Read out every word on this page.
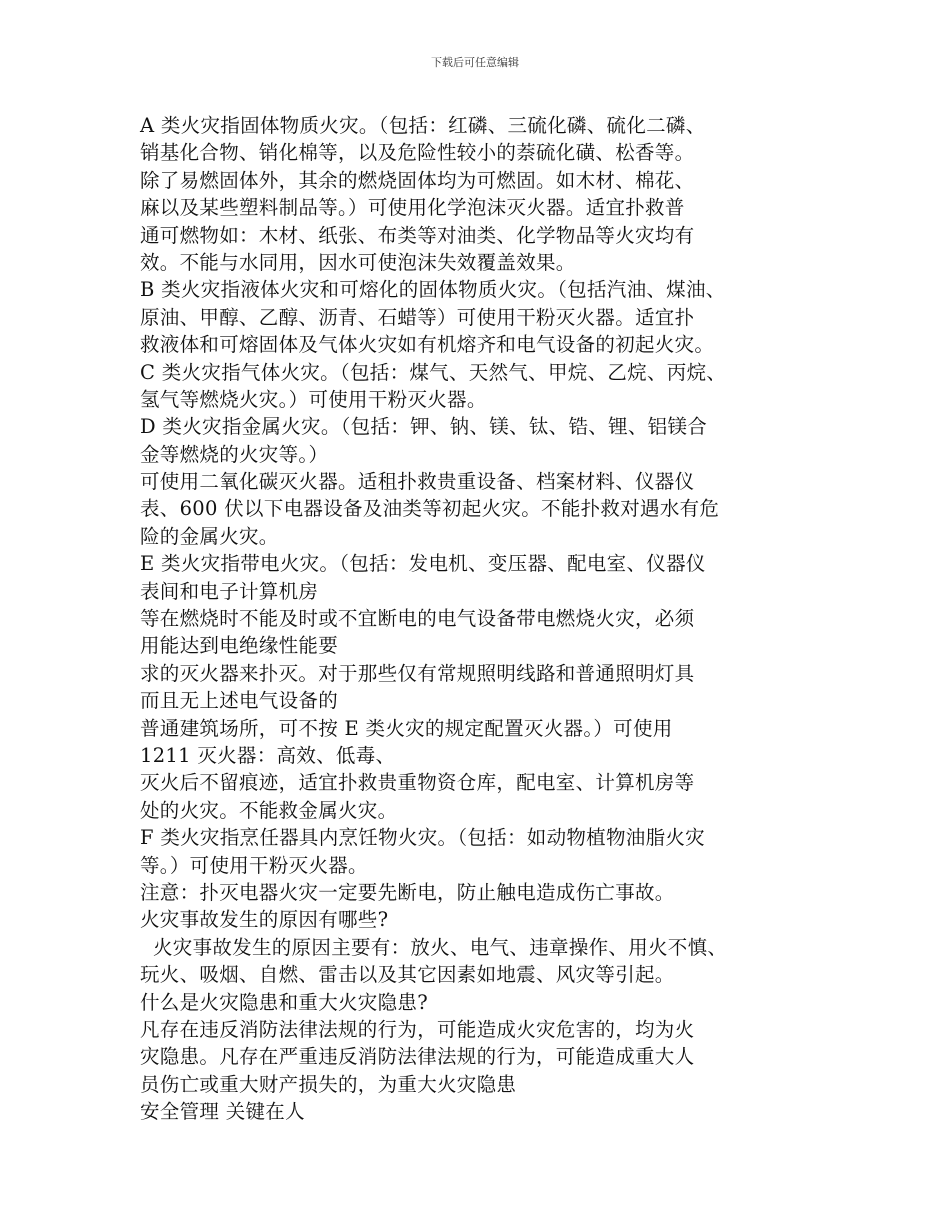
下载后可任意编辑
A 类火灾指固体物质火灾。（包括：红磷、三硫化磷、硫化二磷、
销基化合物、销化棉等，以及危险性较小的萘硫化磺、松香等。
除了易燃固体外，其余的燃烧固体均为可燃固。如木材、棉花、
麻以及某些塑料制品等。）可使用化学泡沫灭火器。适宜扑救普
通可燃物如：木材、纸张、布类等对油类、化学物品等火灾均有
效。不能与水同用，因水可使泡沫失效覆盖效果。
B 类火灾指液体火灾和可熔化的固体物质火灾。（包括汽油、煤油、
原油、甲醇、乙醇、沥青、石蜡等）可使用干粉灭火器。适宜扑
救液体和可熔固体及气体火灾如有机熔齐和电气设备的初起火灾。
C 类火灾指气体火灾。（包括：煤气、天然气、甲烷、乙烷、丙烷、
氢气等燃烧火灾。）可使用干粉灭火器。
D 类火灾指金属火灾。（包括：钾、钠、镁、钛、锆、锂、铝镁合
金等燃烧的火灾等。）
可使用二氧化碳灭火器。适租扑救贵重设备、档案材料、仪器仪
表、600 伏以下电器设备及油类等初起火灾。不能扑救对遇水有危
险的金属火灾。
E 类火灾指带电火灾。（包括：发电机、变压器、配电室、仪器仪
表间和电子计算机房
等在燃烧时不能及时或不宜断电的电气设备带电燃烧火灾，必须
用能达到电绝缘性能要
求的灭火器来扑灭。对于那些仅有常规照明线路和普通照明灯具
而且无上述电气设备的
普通建筑场所，可不按 E 类火灾的规定配置灭火器。）可使用
1211 灭火器：高效、低毒、
灭火后不留痕迹，适宜扑救贵重物资仓库，配电室、计算机房等
处的火灾。不能救金属火灾。
F 类火灾指烹任器具内烹饪物火灾。（包括：如动物植物油脂火灾
等。）可使用干粉灭火器。
注意：扑灭电器火灾一定要先断电，防止触电造成伤亡事故。
火灾事故发生的原因有哪些?
火灾事故发生的原因主要有：放火、电气、违章操作、用火不慎、
玩火、吸烟、自燃、雷击以及其它因素如地震、风灾等引起。
什么是火灾隐患和重大火灾隐患?
凡存在违反消防法律法规的行为，可能造成火灾危害的，均为火
灾隐患。凡存在严重违反消防法律法规的行为，可能造成重大人
员伤亡或重大财产损失的，为重大火灾隐患
安全管理 关键在人
